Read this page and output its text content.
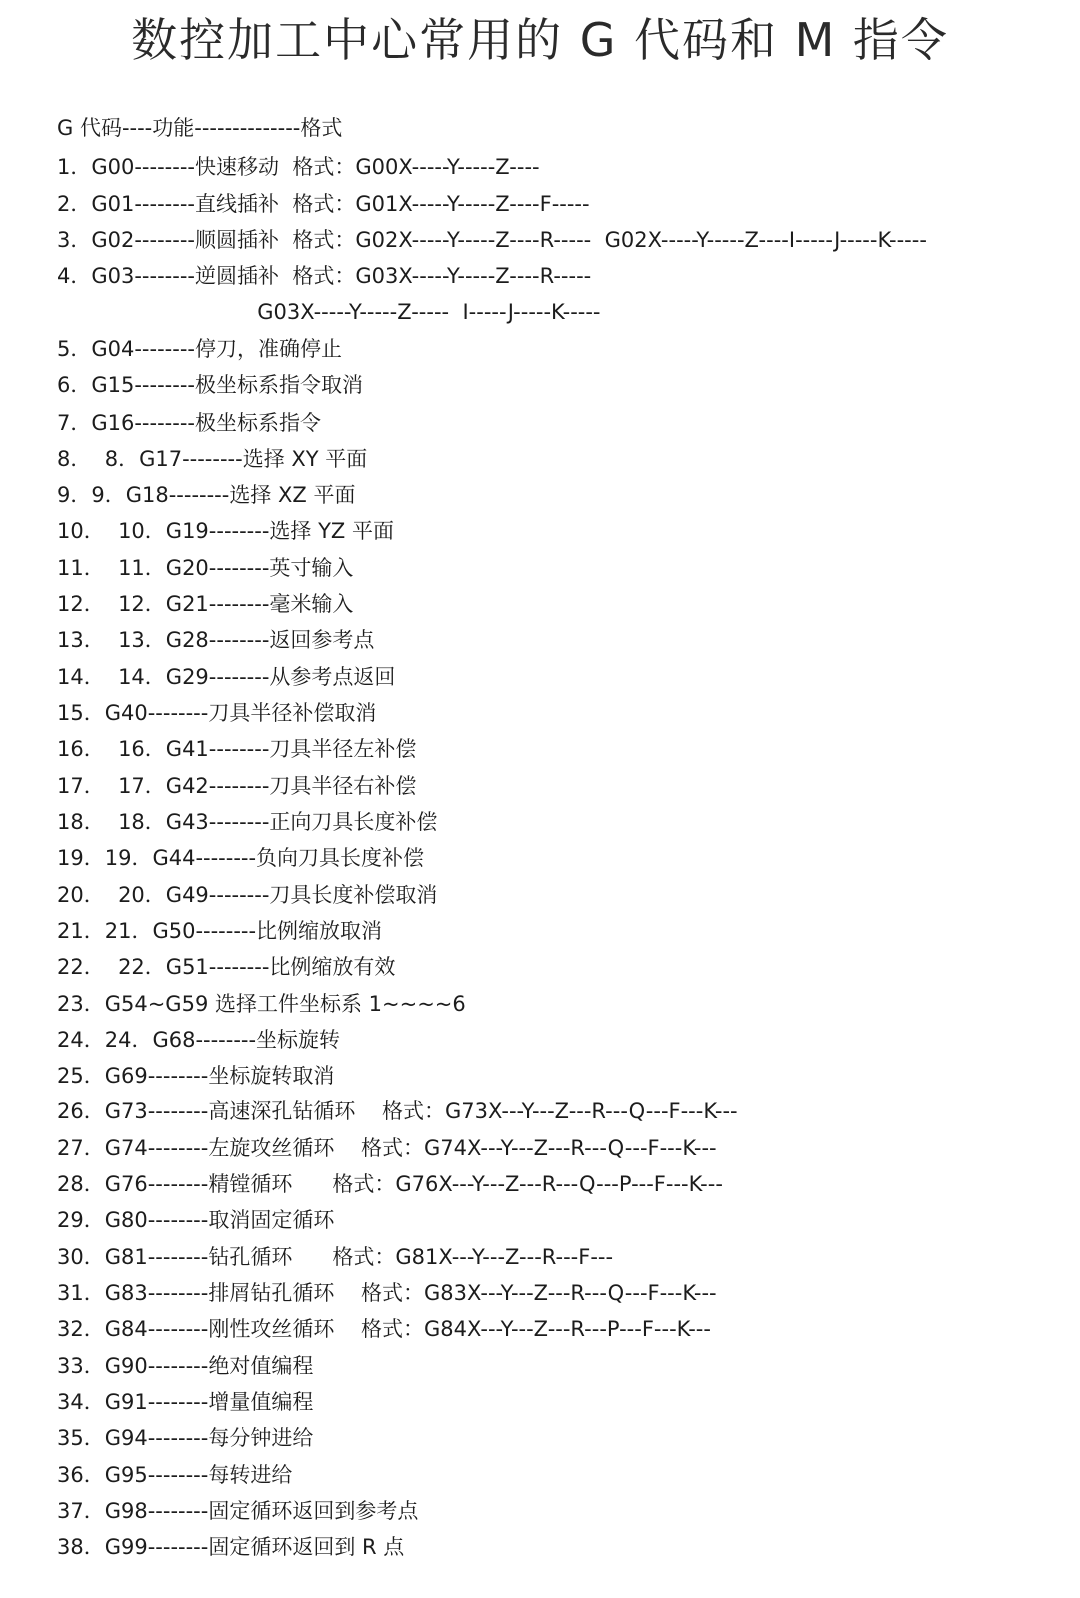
数控加工中心常用的 G 代码和 M 指令
G 代码----功能--------------格式
1．G00--------快速移动  格式：G00X-----Y-----Z----
2．G01--------直线插补  格式：G01X-----Y-----Z----F-----
3．G02--------顺圆插补  格式：G02X-----Y-----Z----R-----  G02X-----Y-----Z----I-----J-----K-----
4．G03--------逆圆插补  格式：G03X-----Y-----Z----R-----
G03X-----Y-----Z-----  I-----J-----K-----
5．G04--------停刀，准确停止
6．G15--------极坐标系指令取消
7．G16--------极坐标系指令
8．  8．G17--------选择 XY 平面
9．9．G18--------选择 XZ 平面
10．  10．G19--------选择 YZ 平面
11．  11．G20--------英寸输入
12．  12．G21--------毫米输入
13．  13．G28--------返回参考点
14．  14．G29--------从参考点返回
15．G40--------刀具半径补偿取消
16．  16．G41--------刀具半径左补偿
17．  17．G42--------刀具半径右补偿
18．  18．G43--------正向刀具长度补偿
19．19．G44--------负向刀具长度补偿
20．  20．G49--------刀具长度补偿取消
21．21．G50--------比例缩放取消
22．  22．G51--------比例缩放有效
23．G54~G59 选择工件坐标系 1~~~~6
24．24．G68--------坐标旋转
25．G69--------坐标旋转取消
26．G73--------高速深孔钻循环    格式：G73X---Y---Z---R---Q---F---K---
27．G74--------左旋攻丝循环    格式：G74X---Y---Z---R---Q---F---K---
28．G76--------精镗循环      格式：G76X---Y---Z---R---Q---P---F---K---
29．G80--------取消固定循环
30．G81--------钻孔循环      格式：G81X---Y---Z---R---F---
31．G83--------排屑钻孔循环    格式：G83X---Y---Z---R---Q---F---K---
32．G84--------刚性攻丝循环    格式：G84X---Y---Z---R---P---F---K---
33．G90--------绝对值编程
34．G91--------增量值编程
35．G94--------每分钟进给
36．G95--------每转进给
37．G98--------固定循环返回到参考点
38．G99--------固定循环返回到 R 点
